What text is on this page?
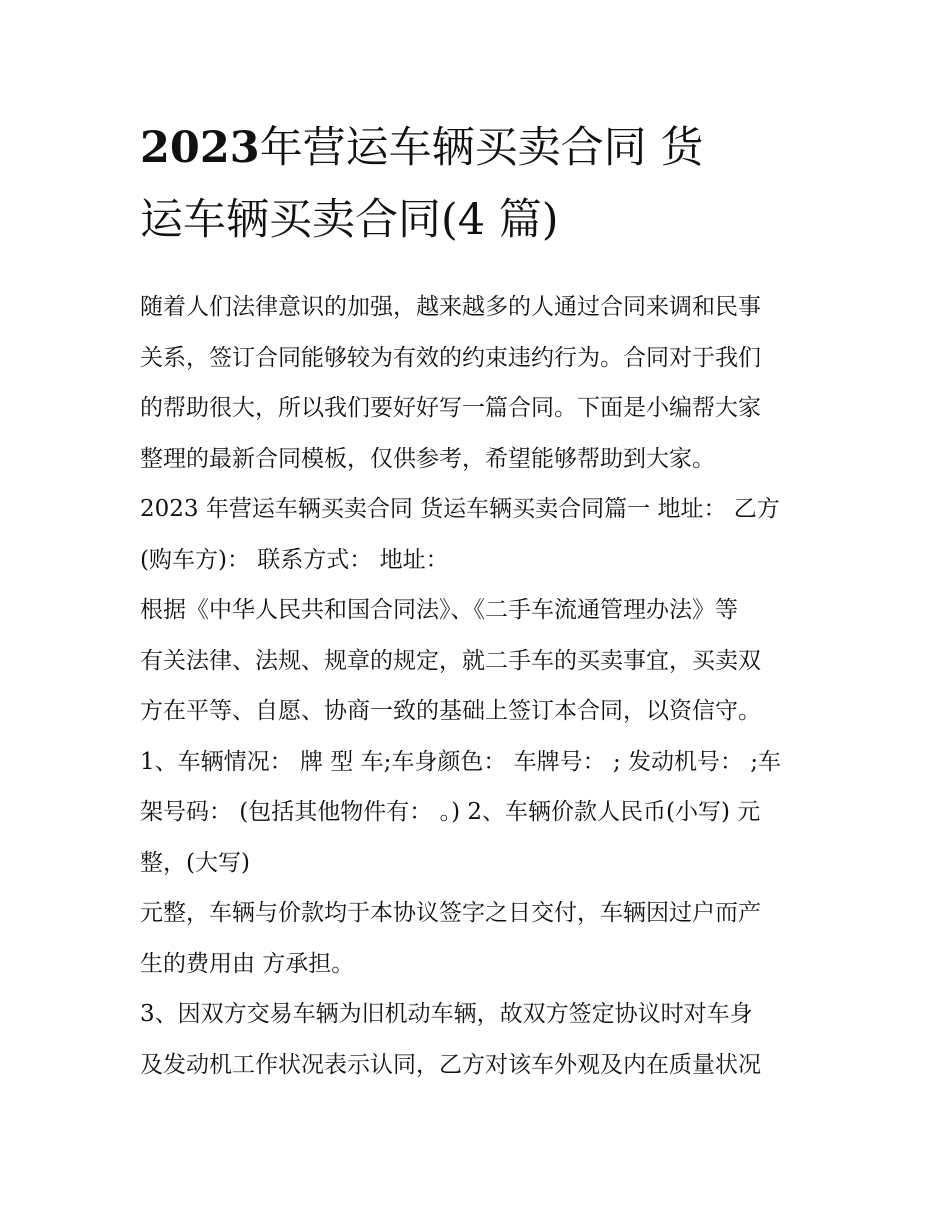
2023年营运车辆买卖合同 货
运车辆买卖合同(4 篇)

随着人们法律意识的加强，越来越多的人通过合同来调和民事

关系，签订合同能够较为有效的约束违约行为。合同对于我们

的帮助很大，所以我们要好好写一篇合同。下面是小编帮大家

整理的最新合同模板，仅供参考，希望能够帮助到大家。

2023 年营运车辆买卖合同 货运车辆买卖合同篇一 地址： 乙方

(购车方)： 联系方式： 地址：

根据《中华人民共和国合同法》、《二手车流通管理办法》等

有关法律、法规、规章的规定，就二手车的买卖事宜，买卖双

方在平等、自愿、协商一致的基础上签订本合同，以资信守。

1、车辆情况： 牌 型 车;车身颜色： 车牌号： ; 发动机号： ;车

架号码： (包括其他物件有： 。) 2、车辆价款人民币(小写) 元

整，(大写)

元整，车辆与价款均于本协议签字之日交付，车辆因过户而产

生的费用由 方承担。

3、因双方交易车辆为旧机动车辆，故双方签定协议时对车身

及发动机工作状况表示认同，乙方对该车外观及内在质量状况
